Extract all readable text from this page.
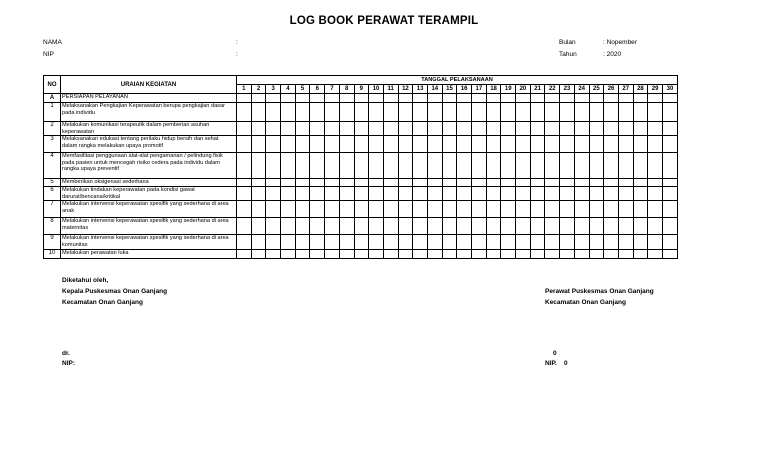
LOG BOOK PERAWAT TERAMPIL
NAMA
NIP
:
:
Bulan	: Nopember
Tahun	: 2020
NO	URAIAN KEGIATAN	TANGGAL PELAKSANAAN																													
		1	2	3	4	5	6	7	8	9	10	11	12	13	14	15	16	17	18	19	20	21	22	23	24	25	26	27	28	29	30
A	PERSIAPAN PELAYANAN																														
1	Melaksanakan Pengkajian Keperawatan berupa pengkajian dasar pada individu																														
2	Melakukan komunikasi terapeutik dalam pemberian asuhan keperawatan																														
3	Melaksanakan edukasi tentang perilaku hidup bersih dan sehat dalam rangka melakukan upaya promotif																														
4	Memfasilitasi penggunaan alat-alat pengamanan / pelindung fisik pada pasien untuk mencegah risiko cedera pada individu dalam rangka upaya preventif																														
5	Memberikan oksigenasi sederhana																														
6	Melakukan tindakan keperawatan pada kondisi gawat darurat/bencana/kritikal																														
7	Melakukan intervensi keperawatan spesifik yang sederhana di area anak																														
8	Melakukan intervensi keperawatan spesifik yang sederhana di area maternitas																														
9	Melakukan intervensi keperawatan spesifik yang sederhana di area komunitas																														
10	Melakukan perawatan luka																														
Diketahui oleh,
Kepala Puskesmas Onan Ganjang
Kecamatan Onan Ganjang
dr.
NIP:
Perawat Puskesmas Onan Ganjang
Kecamatan Onan Ganjang
0
NIP.    0
